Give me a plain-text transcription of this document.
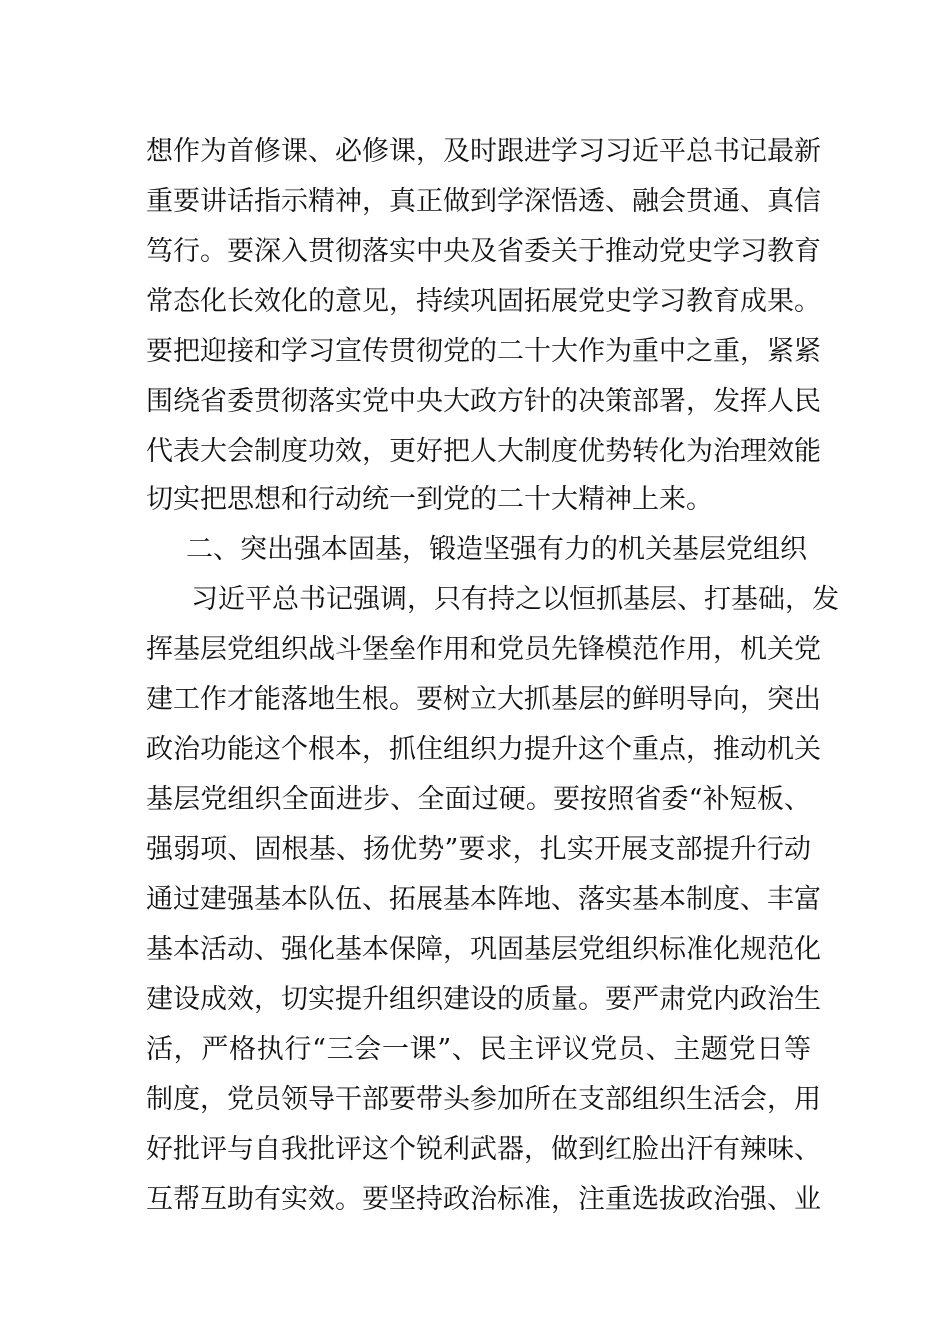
想作为首修课、必修课，及时跟进学习习近平总书记最新
重要讲话指示精神，真正做到学深悟透、融会贯通、真信
笃行。要深入贯彻落实中央及省委关于推动党史学习教育
常态化长效化的意见，持续巩固拓展党史学习教育成果。
要把迎接和学习宣传贯彻党的二十大作为重中之重，紧紧
围绕省委贯彻落实党中央大政方针的决策部署，发挥人民
代表大会制度功效，更好把人大制度优势转化为治理效能
切实把思想和行动统一到党的二十大精神上来。
二、突出强本固基，锻造坚强有力的机关基层党组织
习近平总书记强调，只有持之以恒抓基层、打基础，发
挥基层党组织战斗堡垒作用和党员先锋模范作用，机关党
建工作才能落地生根。要树立大抓基层的鲜明导向，突出
政治功能这个根本，抓住组织力提升这个重点，推动机关
基层党组织全面进步、全面过硬。要按照省委“补短板、
强弱项、固根基、扬优势”要求，扎实开展支部提升行动
通过建强基本队伍、拓展基本阵地、落实基本制度、丰富
基本活动、强化基本保障，巩固基层党组织标准化规范化
建设成效，切实提升组织建设的质量。要严肃党内政治生
活，严格执行“三会一课”、民主评议党员、主题党日等
制度，党员领导干部要带头参加所在支部组织生活会，用
好批评与自我批评这个锐利武器，做到红脸出汗有辣味、
互帮互助有实效。要坚持政治标准，注重选拔政治强、业
